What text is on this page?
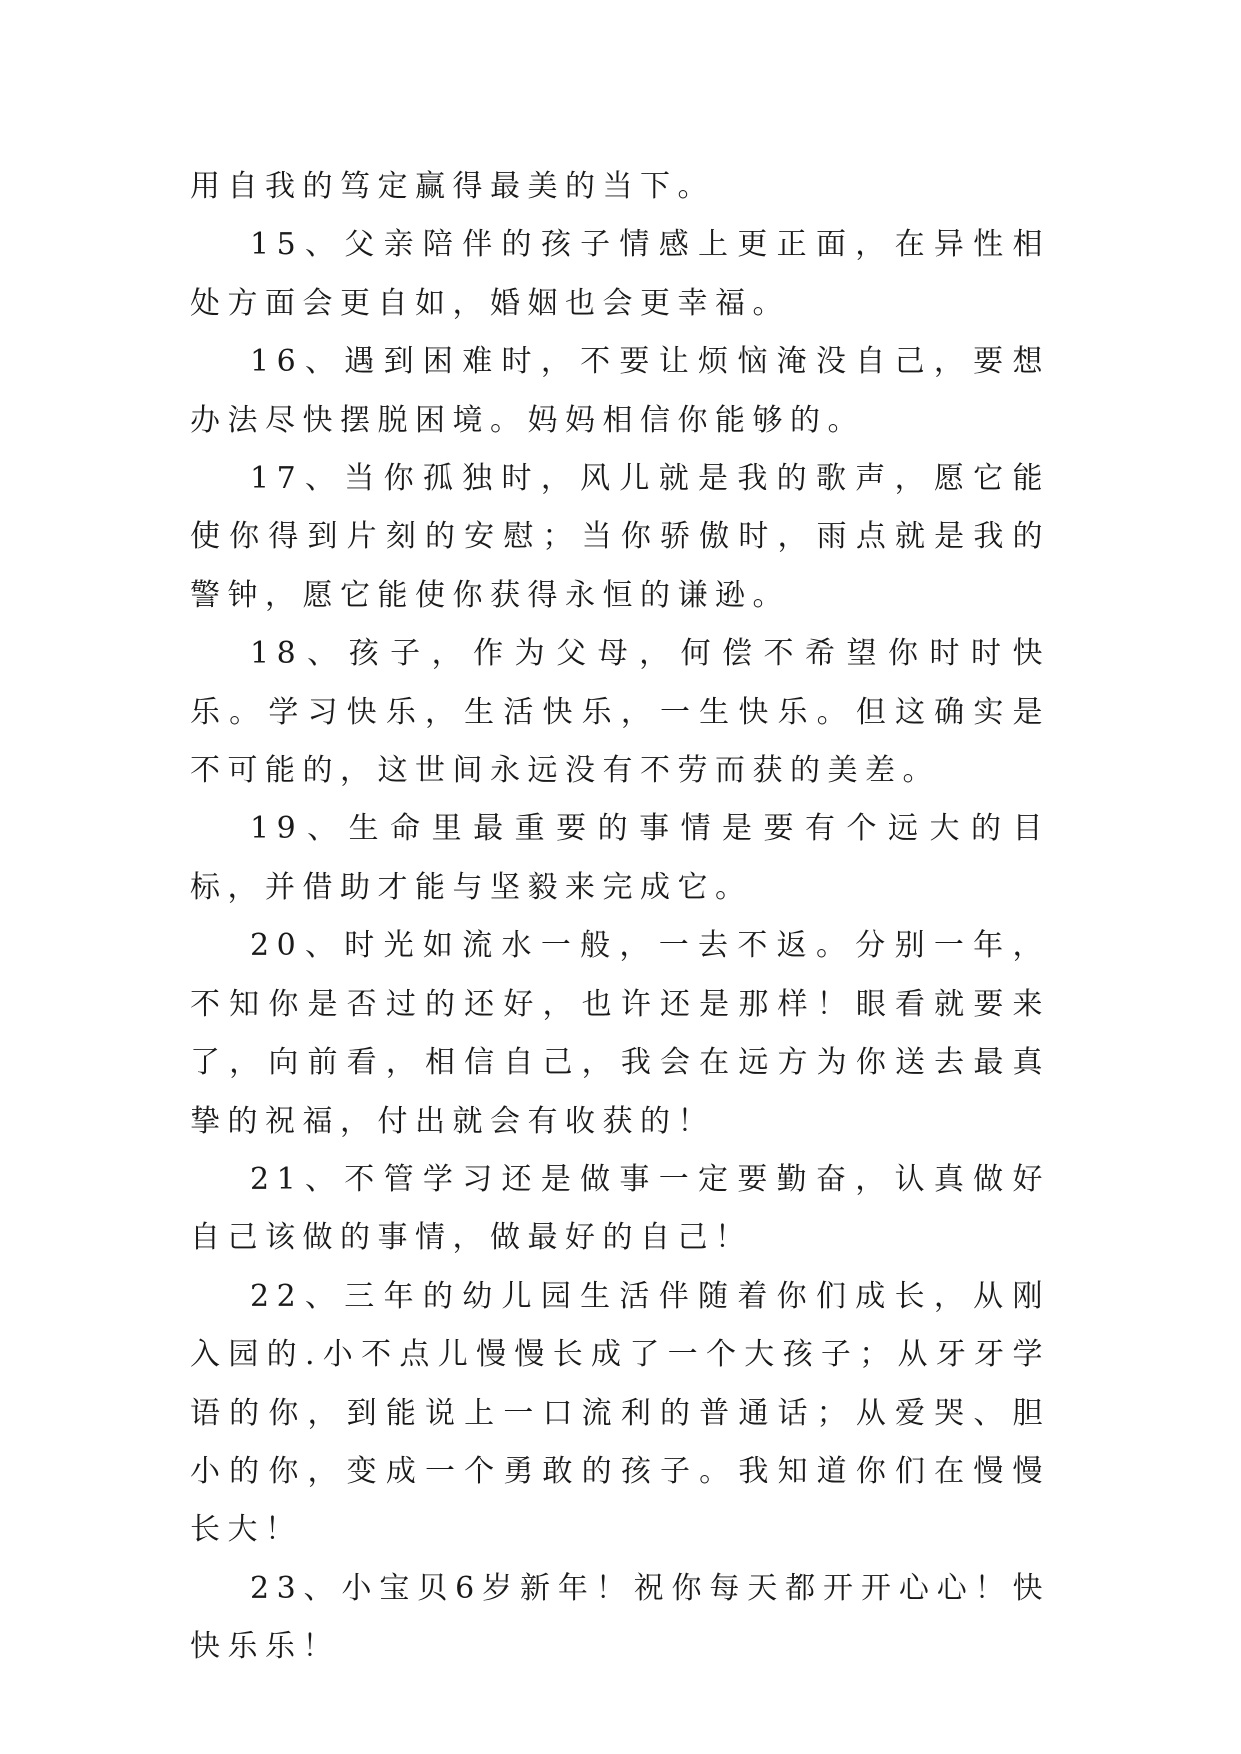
用自我的笃定赢得最美的当下。

15、父亲陪伴的孩子情感上更正面，在异性相处方面会更自如，婚姻也会更幸福。

16、遇到困难时，不要让烦恼淹没自己，要想办法尽快摆脱困境。妈妈相信你能够的。

17、当你孤独时，风儿就是我的歌声，愿它能使你得到片刻的安慰；当你骄傲时，雨点就是我的警钟，愿它能使你获得永恒的谦逊。

18、孩子，作为父母，何偿不希望你时时快乐。学习快乐，生活快乐，一生快乐。但这确实是不可能的，这世间永远没有不劳而获的美差。

19、生命里最重要的事情是要有个远大的目标，并借助才能与坚毅来完成它。

20、时光如流水一般，一去不返。分别一年，不知你是否过的还好，也许还是那样！眼看就要来了，向前看，相信自己，我会在远方为你送去最真挚的祝福，付出就会有收获的！

21、不管学习还是做事一定要勤奋，认真做好自己该做的事情，做最好的自己！

22、三年的幼儿园生活伴随着你们成长，从刚入园的.小不点儿慢慢长成了一个大孩子；从牙牙学语的你，到能说上一口流利的普通话；从爱哭、胆小的你，变成一个勇敢的孩子。我知道你们在慢慢长大！

23、小宝贝6岁新年！祝你每天都开开心心！快快乐乐！
